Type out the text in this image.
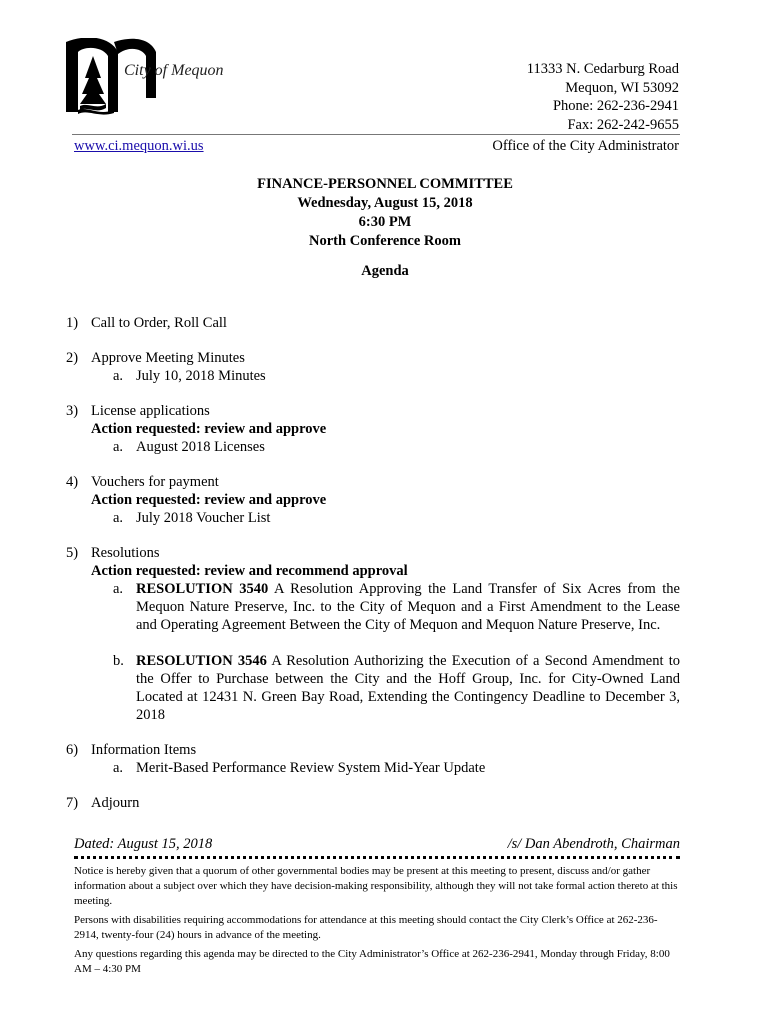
City of Mequon	11333 N. Cedarburg Road
Mequon, WI 53092
Phone: 262-236-2941
Fax: 262-242-9655
www.ci.mequon.wi.us	Office of the City Administrator
FINANCE-PERSONNEL COMMITTEE
Wednesday, August 15, 2018
6:30 PM
North Conference Room
Agenda
1) Call to Order, Roll Call
2) Approve Meeting Minutes
a. July 10, 2018 Minutes
3) License applications
Action requested: review and approve
a. August 2018 Licenses
4) Vouchers for payment
Action requested: review and approve
a. July 2018 Voucher List
5) Resolutions
Action requested: review and recommend approval
a. RESOLUTION 3540 A Resolution Approving the Land Transfer of Six Acres from the Mequon Nature Preserve, Inc. to the City of Mequon and a First Amendment to the Lease and Operating Agreement Between the City of Mequon and Mequon Nature Preserve, Inc.
b. RESOLUTION 3546 A Resolution Authorizing the Execution of a Second Amendment to the Offer to Purchase between the City and the Hoff Group, Inc. for City-Owned Land Located at 12431 N. Green Bay Road, Extending the Contingency Deadline to December 3, 2018
6) Information Items
a. Merit-Based Performance Review System Mid-Year Update
7) Adjourn
Dated: August 15, 2018	/s/ Dan Abendroth, Chairman

Notice is hereby given that a quorum of other governmental bodies may be present at this meeting to present, discuss and/or gather information about a subject over which they have decision-making responsibility, although they will not take formal action thereto at this meeting.

Persons with disabilities requiring accommodations for attendance at this meeting should contact the City Clerk’s Office at 262-236-2914, twenty-four (24) hours in advance of the meeting.

Any questions regarding this agenda may be directed to the City Administrator’s Office at 262-236-2941, Monday through Friday, 8:00 AM – 4:30 PM
